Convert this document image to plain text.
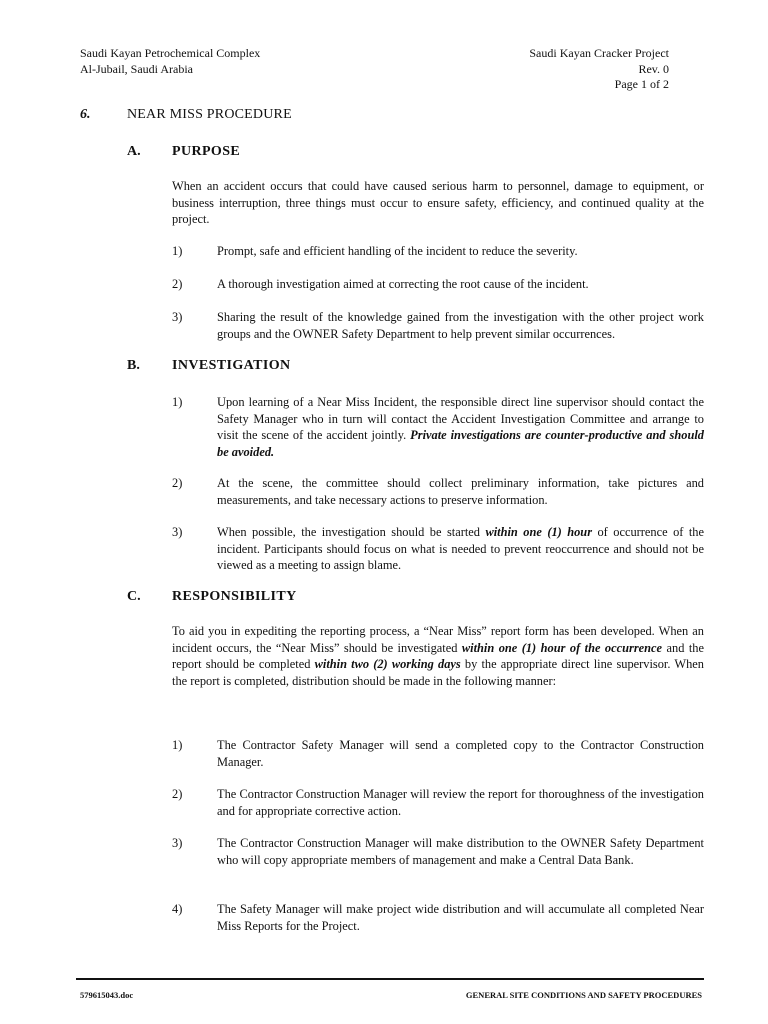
Saudi Kayan Petrochemical Complex
Al-Jubail, Saudi Arabia
Saudi Kayan Cracker Project
Rev. 0
Page 1 of 2
6.	NEAR MISS PROCEDURE
A. PURPOSE
When an accident occurs that could have caused serious harm to personnel, damage to equipment, or business interruption, three things must occur to ensure safety, efficiency, and continued quality at the project.
1)	Prompt, safe and efficient handling of the incident to reduce the severity.
2)	A thorough investigation aimed at correcting the root cause of the incident.
3)	Sharing the result of the knowledge gained from the investigation with the other project work groups and the OWNER Safety Department to help prevent similar occurrences.
B. INVESTIGATION
1)	Upon learning of a Near Miss Incident, the responsible direct line supervisor should contact the Safety Manager who in turn will contact the Accident Investigation Committee and arrange to visit the scene of the accident jointly. Private investigations are counter-productive and should be avoided.
2)	At the scene, the committee should collect preliminary information, take pictures and measurements, and take necessary actions to preserve information.
3)	When possible, the investigation should be started within one (1) hour of occurrence of the incident. Participants should focus on what is needed to prevent reoccurrence and should not be viewed as a meeting to assign blame.
C. RESPONSIBILITY
To aid you in expediting the reporting process, a “Near Miss” report form has been developed. When an incident occurs, the “Near Miss” should be investigated within one (1) hour of the occurrence and the report should be completed within two (2) working days by the appropriate direct line supervisor. When the report is completed, distribution should be made in the following manner:
1)	The Contractor Safety Manager will send a completed copy to the Contractor Construction Manager.
2)	The Contractor Construction Manager will review the report for thoroughness of the investigation and for appropriate corrective action.
3)	The Contractor Construction Manager will make distribution to the OWNER Safety Department who will copy appropriate members of management and make a Central Data Bank.
4)	The Safety Manager will make project wide distribution and will accumulate all completed Near Miss Reports for the Project.
579615043.doc	GENERAL SITE CONDITIONS AND SAFETY PROCEDURES
